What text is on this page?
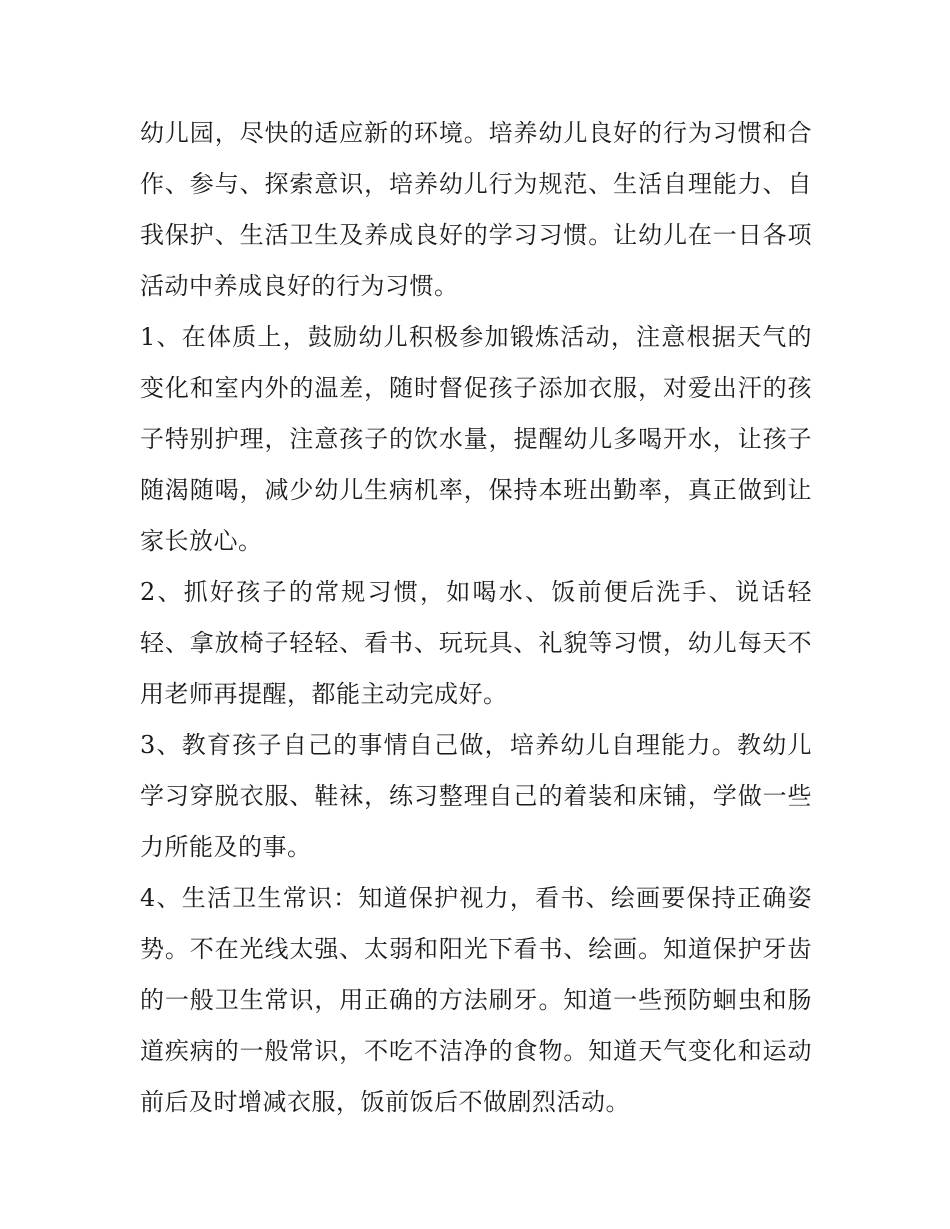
幼儿园，尽快的适应新的环境。培养幼儿良好的行为习惯和合作、参与、探索意识，培养幼儿行为规范、生活自理能力、自我保护、生活卫生及养成良好的学习习惯。让幼儿在一日各项活动中养成良好的行为习惯。

1、在体质上，鼓励幼儿积极参加锻炼活动，注意根据天气的变化和室内外的温差，随时督促孩子添加衣服，对爱出汗的孩子特别护理，注意孩子的饮水量，提醒幼儿多喝开水，让孩子随渴随喝，减少幼儿生病机率，保持本班出勤率，真正做到让家长放心。

2、抓好孩子的常规习惯，如喝水、饭前便后洗手、说话轻轻、拿放椅子轻轻、看书、玩玩具、礼貌等习惯，幼儿每天不用老师再提醒，都能主动完成好。

3、教育孩子自己的事情自己做，培养幼儿自理能力。教幼儿学习穿脱衣服、鞋袜，练习整理自己的着装和床铺，学做一些力所能及的事。

4、生活卫生常识：知道保护视力，看书、绘画要保持正确姿势。不在光线太强、太弱和阳光下看书、绘画。知道保护牙齿的一般卫生常识，用正确的方法刷牙。知道一些预防蛔虫和肠道疾病的一般常识，不吃不洁净的食物。知道天气变化和运动前后及时增减衣服，饭前饭后不做剧烈活动。
